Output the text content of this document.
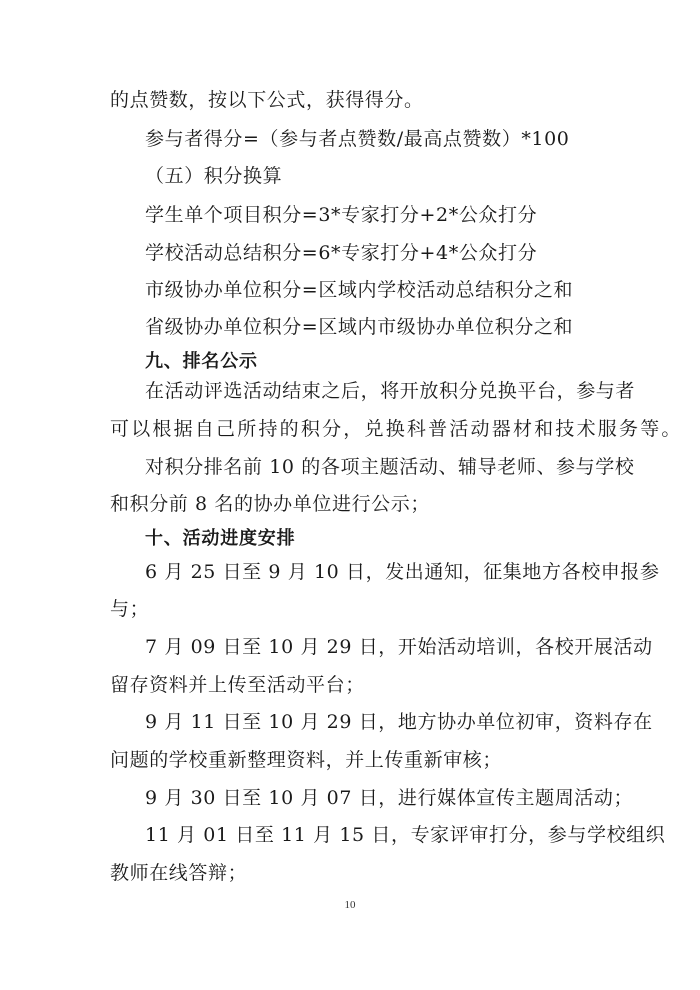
的点赞数，按以下公式，获得得分。
参与者得分=（参与者点赞数/最高点赞数）*100
（五）积分换算
学生单个项目积分=3*专家打分+2*公众打分
学校活动总结积分=6*专家打分+4*公众打分
市级协办单位积分=区域内学校活动总结积分之和
省级协办单位积分=区域内市级协办单位积分之和
九、排名公示
在活动评选活动结束之后，将开放积分兑换平台，参与者
可以根据自己所持的积分，兑换科普活动器材和技术服务等。
对积分排名前 10 的各项主题活动、辅导老师、参与学校
和积分前 8 名的协办单位进行公示；
十、活动进度安排
6 月 25 日至 9 月 10 日，发出通知，征集地方各校申报参
与；
7 月 09 日至 10 月 29 日，开始活动培训，各校开展活动
留存资料并上传至活动平台；
9 月 11 日至 10 月 29 日，地方协办单位初审，资料存在
问题的学校重新整理资料，并上传重新审核；
9 月 30 日至 10 月 07 日，进行媒体宣传主题周活动；
11 月 01 日至 11 月 15 日，专家评审打分，参与学校组织
教师在线答辩；
10
